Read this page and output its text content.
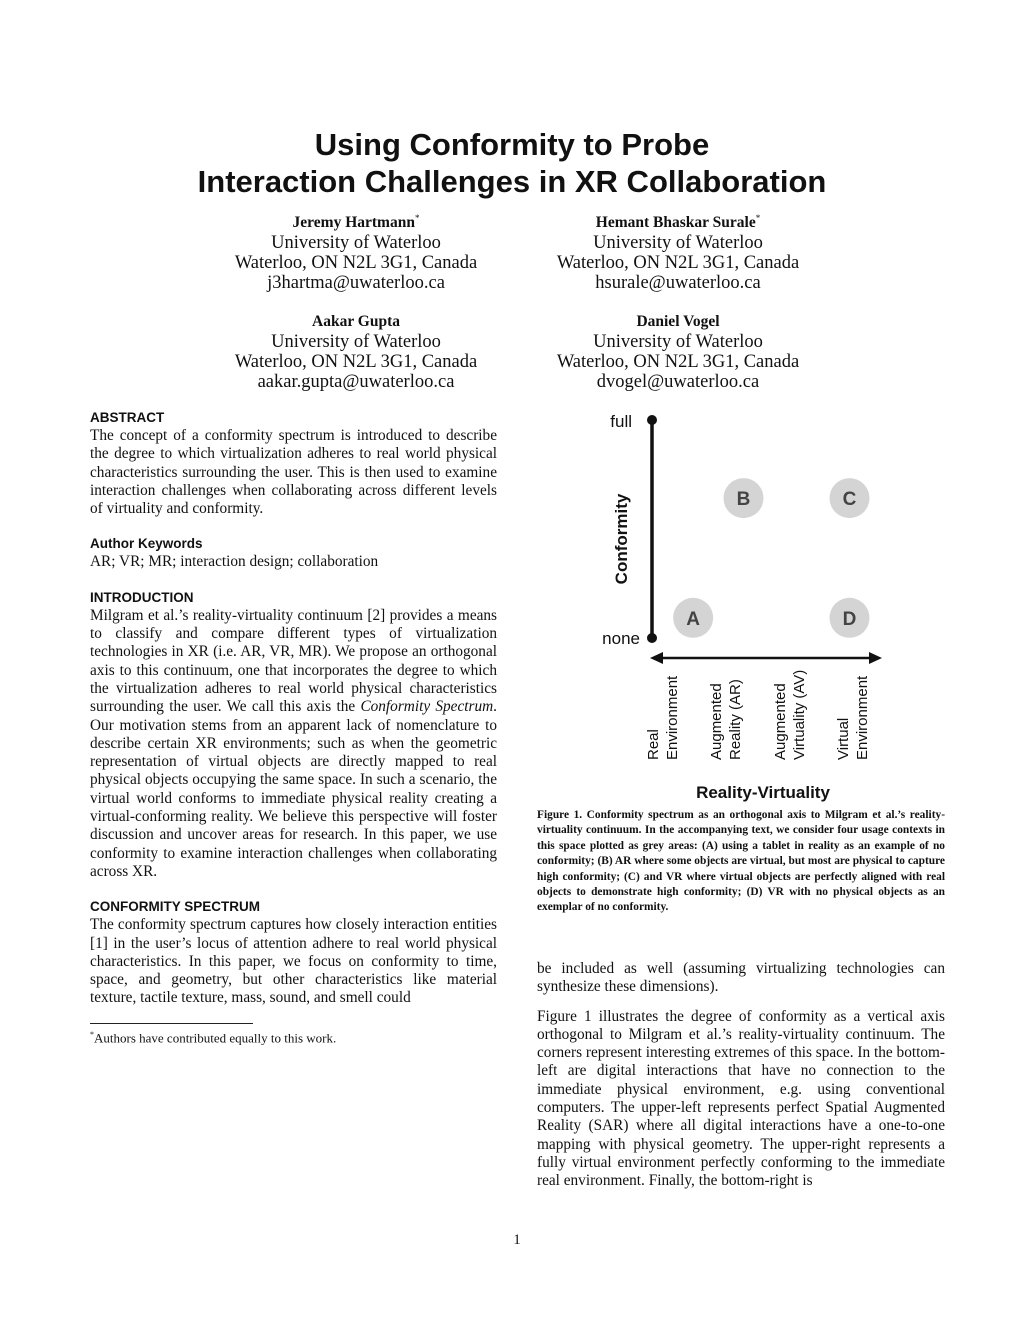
Using Conformity to Probe
Interaction Challenges in XR Collaboration
Jeremy Hartmann*
University of Waterloo
Waterloo, ON N2L 3G1, Canada
j3hartma@uwaterloo.ca
Hemant Bhaskar Surale*
University of Waterloo
Waterloo, ON N2L 3G1, Canada
hsurale@uwaterloo.ca
Aakar Gupta
University of Waterloo
Waterloo, ON N2L 3G1, Canada
aakar.gupta@uwaterloo.ca
Daniel Vogel
University of Waterloo
Waterloo, ON N2L 3G1, Canada
dvogel@uwaterloo.ca

ABSTRACT

The concept of a conformity spectrum is introduced to describe the degree to which virtualization adheres to real world physical characteristics surrounding the user. This is then used to examine interaction challenges when collaborating across different levels of virtuality and conformity.

Author Keywords

AR; VR; MR; interaction design; collaboration

INTRODUCTION

Milgram et al.’s reality-virtuality continuum [2] provides a means to classify and compare different types of virtualization technologies in XR (i.e. AR, VR, MR). We propose an orthogonal axis to this continuum, one that incorporates the degree to which the virtualization adheres to real world physical characteristics surrounding the user. We call this axis the Conformity Spectrum. Our motivation stems from an apparent lack of nomenclature to describe certain XR environments; such as when the geometric representation of virtual objects are directly mapped to real physical objects occupying the same space. In such a scenario, the virtual world conforms to immediate physical reality creating a virtual-conforming reality. We believe this perspective will foster discussion and uncover areas for research. In this paper, we use conformity to examine interaction challenges when collaborating across XR.

CONFORMITY SPECTRUM

The conformity spectrum captures how closely interaction entities [1] in the user’s locus of attention adhere to real world physical characteristics. In this paper, we focus on conformity to time, space, and geometry, but other characteristics like material texture, tactile texture, mass, sound, and smell could

*Authors have contributed equally to this work.
full
none
Conformity
Real Environment Augmented Reality (AR) Augmented Virtuality (AV) Virtual Environment
Reality-Virtuality
A
B	C
D
Figure 1. Conformity spectrum as an orthogonal axis to Milgram et al.’s reality-virtuality continuum. In the accompanying text, we consider four usage contexts in this space plotted as grey areas: (A) using a tablet in reality as an example of no conformity; (B) AR where some objects are virtual, but most are physical to capture high conformity; (C) and VR where virtual objects are perfectly aligned with real objects to demonstrate high conformity; (D) VR with no physical objects as an exemplar of no conformity.

be included as well (assuming virtualizing technologies can synthesize these dimensions).

Figure 1 illustrates the degree of conformity as a vertical axis orthogonal to Milgram et al.’s reality-virtuality continuum. The corners represent interesting extremes of this space. In the bottom-left are digital interactions that have no connection to the immediate physical environment, e.g. using conventional computers. The upper-left represents perfect Spatial Augmented Reality (SAR) where all digital interactions have a one-to-one mapping with physical geometry. The upper-right represents a fully virtual environment perfectly conforming to the immediate real environment. Finally, the bottom-right is

1
